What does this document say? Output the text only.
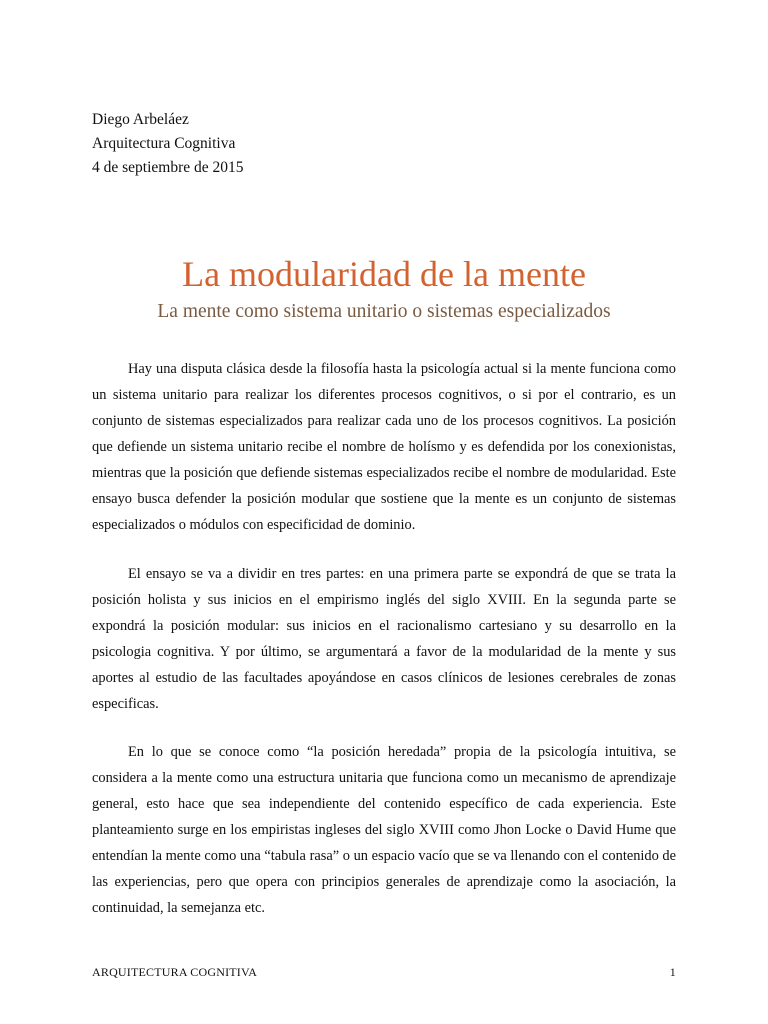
Diego Arbeláez
Arquitectura Cognitiva
4 de septiembre de 2015
La modularidad de la mente
La mente como sistema unitario o sistemas especializados

Hay una disputa clásica desde la filosofía hasta la psicología actual si la mente funciona como un sistema unitario para realizar los diferentes procesos cognitivos, o si por el contrario, es un conjunto de sistemas especializados para realizar cada uno de los procesos cognitivos. La posición que defiende un sistema unitario recibe el nombre de holísmo y es defendida por los conexionistas, mientras que la posición que defiende sistemas especializados recibe el nombre de modularidad. Este ensayo busca defender la posición modular que sostiene que la mente es un conjunto de sistemas especializados o módulos con especificidad de dominio.

El ensayo se va a dividir en tres partes: en una primera parte se expondrá de que se trata la posición holista y sus inicios en el empirismo inglés del siglo XVIII. En la segunda parte se expondrá la posición modular: sus inicios en el racionalismo cartesiano y su desarrollo en la psicologia cognitiva. Y por último, se argumentará a favor de la modularidad de la mente y sus aportes al estudio de las facultades apoyándose en casos clínicos de lesiones cerebrales de zonas especificas.

En lo que se conoce como “la posición heredada” propia de la psicología intuitiva, se considera a la mente como una estructura unitaria que funciona como un mecanismo de aprendizaje general, esto hace que sea independiente del contenido específico de cada experiencia. Este planteamiento surge en los empiristas ingleses del siglo XVIII como Jhon Locke o David Hume que entendían la mente como una “tabula rasa” o un espacio vacío que se va llenando con el contenido de las experiencias, pero que opera con principios generales de aprendizaje como la asociación, la continuidad, la semejanza etc.

ARQUITECTURA COGNITIVA	1
